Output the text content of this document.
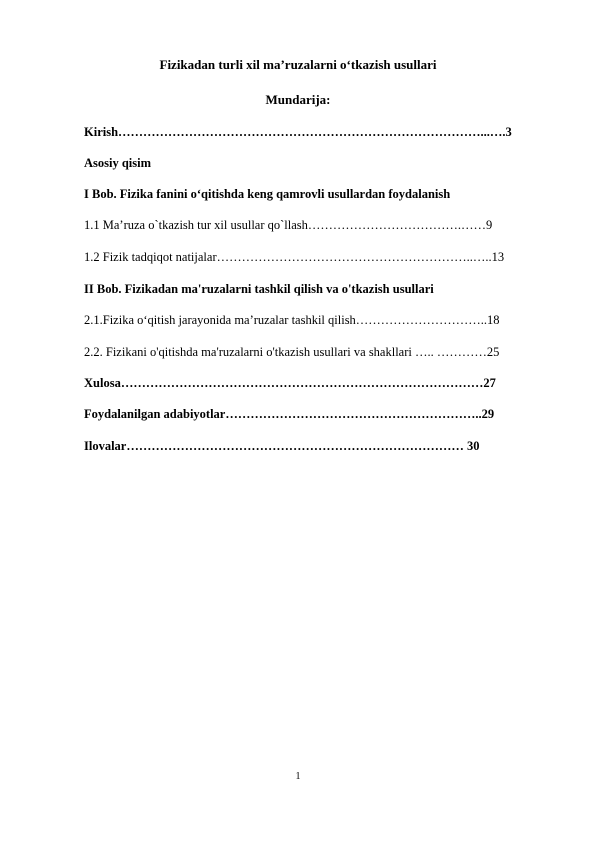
Fizikadan turli xil ma’ruzalarni o‘tkazish usullari
Mundarija:
Kirish……………………………………………………………………………...….3
Asosiy qisim
I Bob. Fizika fanini o‘qitishda keng qamrovli usullardan foydalanish
1.1 Ma’ruza o`tkazish tur xil usullar qo`llash……………………………….……9
1.2 Fizik tadqiqot natijalar……………………………………………………..…..13
II Bob. Fizikadan ma'ruzalarni tashkil qilish va o'tkazish usullari
2.1.Fizika o‘qitish jarayonida ma’ruzalar tashkil qilish…………………………..18
2.2. Fizikani o'qitishda ma'ruzalarni o'tkazish usullari va shakllari ….. …………25
Xulosa……………………………………………………………………………27
Foydalanilgan adabiyotlar……………………………………………………..29
Ilovalar……………………………………………………………………… 30
1
